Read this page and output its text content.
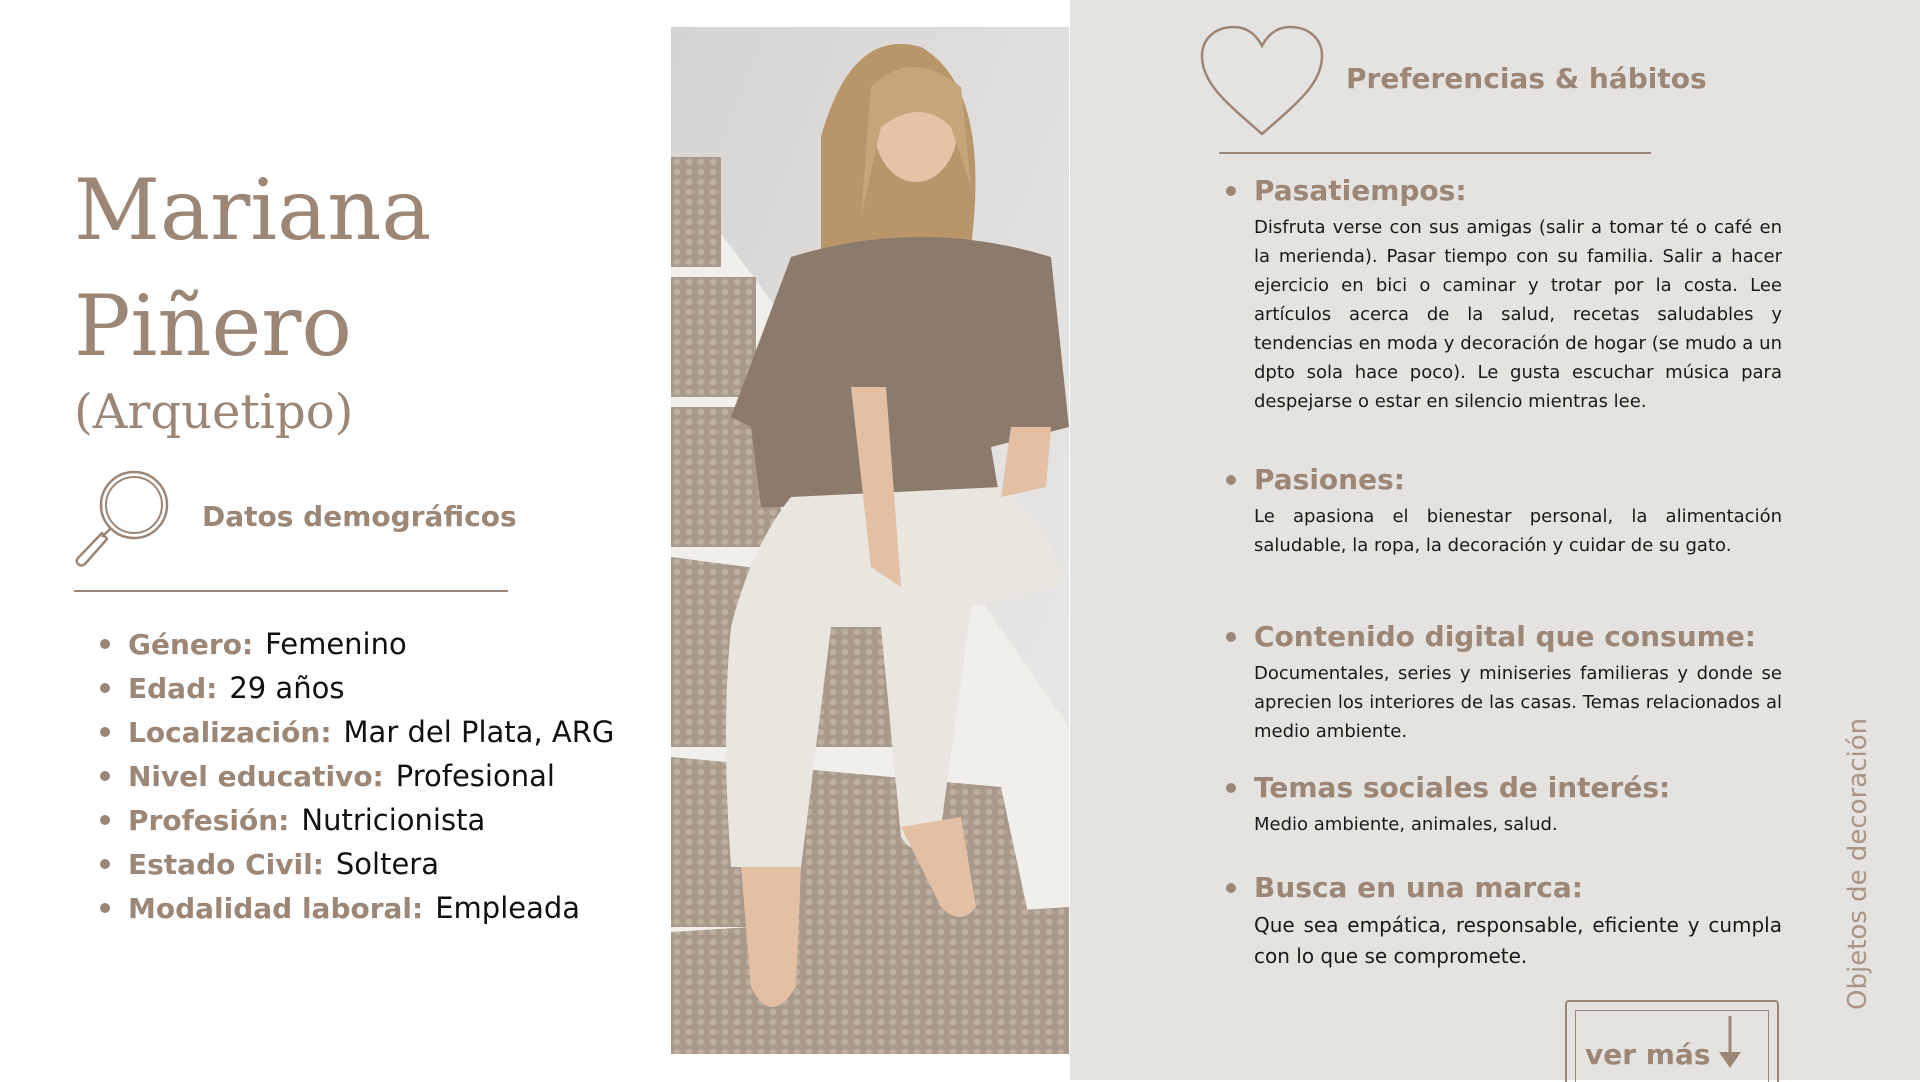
Mariana
Piñero
(Arquetipo)
Datos demográficos
Género: Femenino
Edad: 29 años
Localización: Mar del Plata, ARG
Nivel educativo: Profesional
Profesión: Nutricionista
Estado Civil: Soltera
Modalidad laboral: Empleada
Preferencias & hábitos
Pasatiempos:
Disfruta verse con sus amigas (salir a tomar té o café en la merienda). Pasar tiempo con su familia. Salir a hacer ejercicio en bici o caminar y trotar por la costa. Lee artículos acerca de la salud, recetas saludables y tendencias en moda y decoración de hogar (se mudo a un dpto sola hace poco). Le gusta escuchar música para despejarse o estar en silencio mientras lee.
Pasiones:
Le apasiona el bienestar personal, la alimentación saludable, la ropa, la decoración y cuidar de su gato.
Contenido digital que consume:
Documentales, series y miniseries familieras y donde se aprecien los interiores de las casas. Temas relacionados al medio ambiente.
Temas sociales de interés:
Medio ambiente, animales, salud.
Busca en una marca:
Que sea empática, responsable, eficiente y cumpla con lo que se compromete.	Objetos de decoración
ver más
